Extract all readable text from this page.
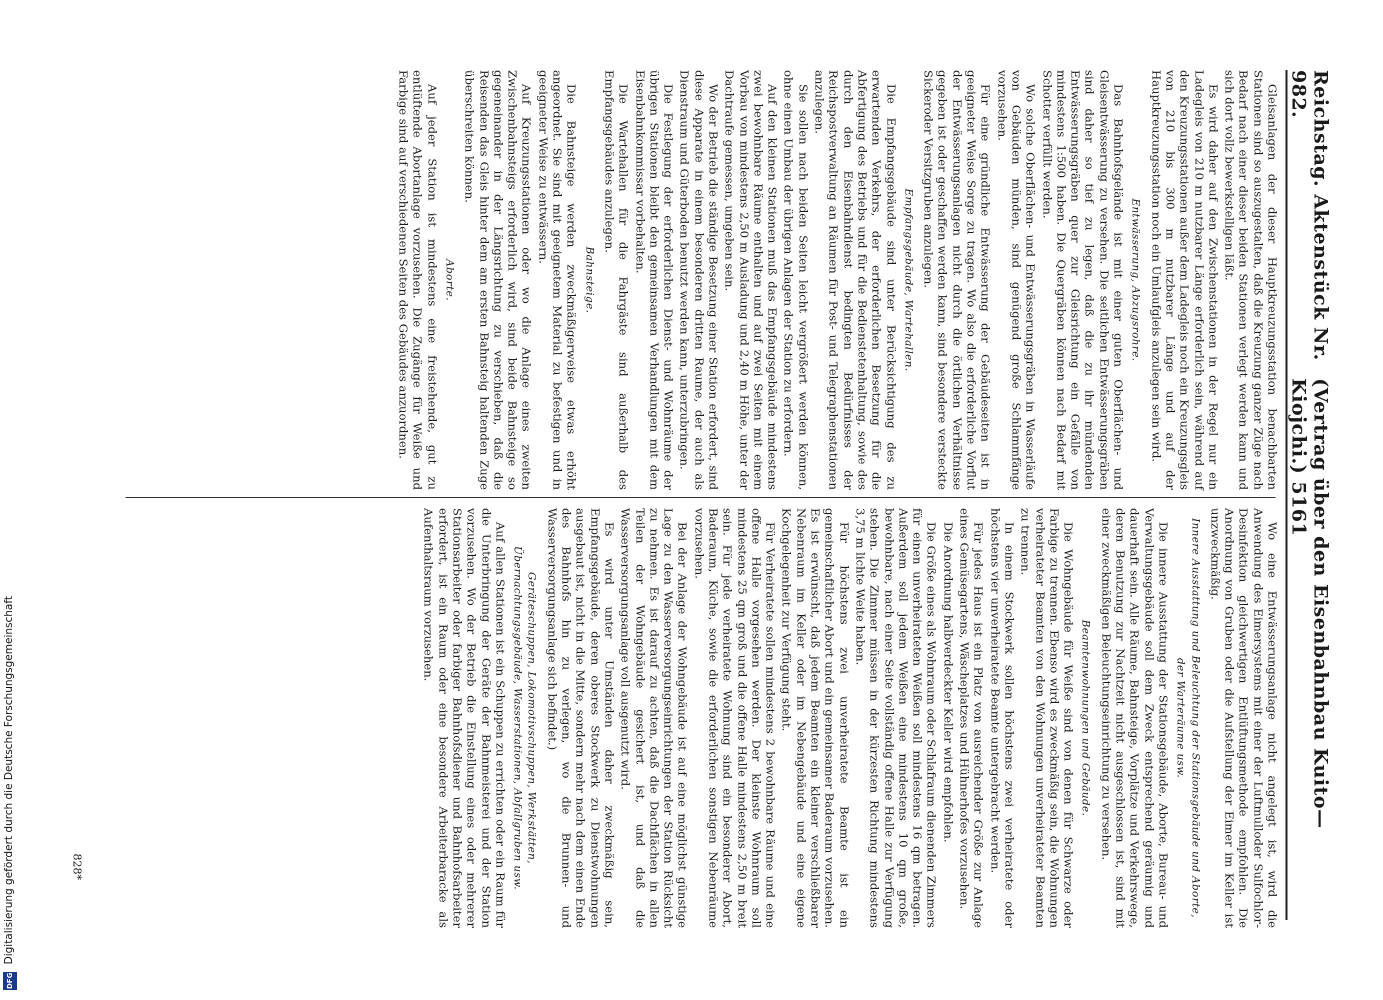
Digitalisierung gefördert durch die Deutsche Forschungsgemeinschaft
DFG
Reichstag. Aktenstück Nr. 982.
(Vertrag über den Eisenbahnbau Kuito—Kiojchi.) 5161

Gleisanlagen der dieser Hauptkreuzungsstation benachbarten Stationen sind so auszugestalten, daß die Kreuzung ganzer Züge nach Bedarf nach einer dieser beiden Stationen verlegt werden kann und sich dort vollz bewerkstelligen läßt.

Es wird daher auf den Zwischenstationen in der Regel nur ein Ladegleis von 210 m nutzbarer Länge erforderlich sein, während auf den Kreuzungsstationen außer dem Ladegleis noch ein Kreuzungsgleis von 210 bis 300 m nutzbarer Länge und auf der Hauptkreuzungsstation noch ein Umlaufgleis anzulegen sein wird.

Entwässerung, Abzugsrohre.

Das Bahnhofsgelände ist mit einer guten Oberflächen- und Gleisentwässerung zu versehen. Die seitlichen Entwässerungsgräben sind daher so tief zu legen, daß die zu ihr mündenden Entwässerungsgräben quer zur Gleisrichtung ein Gefälle von mindestens 1:500 haben. Die Quergräben können nach Bedarf mit Schotter verfüllt werden.

Wo solche Oberflächen- und Entwässerungsgräben in Wasserläufe von Gebäuden münden, sind genügend große Schlammfänge vorzusehen.

Für eine gründliche Entwässerung der Gebäudeseiten ist in geeigneter Weise Sorge zu tragen. Wo also die erforderliche Vorflut der Entwässerungsanlagen nicht durch die örtlichen Verhältnisse gegeben ist oder geschaffen werden kann, sind besondere versteckte Sickeroder Versitzgruben anzulegen.

Empfangsgebäude, Wartehallen.

Die Empfangsgebäude sind unter Berücksichtigung des zu erwartenden Verkehrs, der erforderlichen Besetzung für die Abfertigung des Betriebs und für die Bedienstetenhaltung, sowie des durch den Eisenbahndienst bedingten Bedürfnisses der Reichspostverwaltung an Räumen für Post- und Telegraphenstationen anzulegen.

Sie sollen nach beiden Seiten leicht vergrößert werden können, ohne einen Umbau der übrigen Anlagen der Station zu erfordern.

Auf den kleinen Stationen muß das Empfangsgebäude mindestens zwei bewohnbare Räume enthalten und auf zwei Seiten mit einem Vorbau von mindestens 2,50 m Ausladung und 2,40 m Höhe, unter der Dachtraufe gemessen, umgeben sein.

Wo der Betrieb die ständige Besetzung einer Station erfordert, sind diese Apparate in einem besonderen dritten Raume, der auch als Dienstraum und Güterboden benutzt werden kann, unterzubringen.

Die Festlegung der erforderlichen Dienst- und Wohnräume der übrigen Stationen bleibt den gemeinsamen Verhandlungen mit dem Eisenbahnkommissar vorbehalten.

Die Wartehallen für die Fahrgäste sind außerhalb des Empfangsgebäudes anzulegen.

Bahnsteige.

Die Bahnsteige werden zweckmäßigerweise etwas erhöht angeordnet. Sie sind mit geeignetem Material zu befestigen und in geeigneter Weise zu entwässern.

Auf Kreuzungsstationen oder wo die Anlage eines zweiten Zwischenbahnsteigs erforderlich wird, sind beide Bahnsteige so gegeneinander in der Längsrichtung zu verschieben, daß die Reisenden das Gleis hinter dem am ersten Bahnsteig haltenden Zuge überschreiten können.

Aborte.

Auf jeder Station ist mindestens eine freistehende, gut zu entlüftende Abortanlage vorzusehen. Die Zugänge für Weiße und Farbige sind auf verschiedenen Seiten des Gebäudes anzuordnen.

Wo eine Entwässerungsanlage nicht angelegt ist, wird die Anwendung des Eimersystems mit einer der Luftmulloder Sulfochlor-Desinfektion gleichwertigen Entlüftungsmethode empfohlen. Die Anordnung von Gruben oder die Aufstellung der Eimer im Keller ist unzweckmäßig.

Innere Ausstattung und Beleuchtung der Stationsgebäude und Aborte, der Warteräume usw.

Die innere Ausstattung der Stationsgebäude, Aborte, Bureau- und Verwaltungsgebäude soll dem Zweck entsprechend geräumig und dauerhaft sein. Alle Räume, Bahnsteige, Vorplätze und Verkehrswege, deren Benutzung zur Nachtzeit nicht ausgeschlossen ist, sind mit einer zweckmäßigen Beleuchtungseinrichtung zu versehen.

Beamtenwohnungen und Gebäude.

Die Wohngebäude für Weiße sind von denen für Schwarze oder Farbige zu trennen. Ebenso wird es zweckmäßig sein, die Wohnungen verheirateter Beamten von den Wohnungen unverheirateter Beamten zu trennen.

In einem Stockwerk sollen höchstens zwei verheiratete oder höchstens vier unverheiratete Beamte untergebracht werden.

Für jedes Haus ist ein Platz von ausreichender Größe zur Anlage eines Gemüsegartens, Wäscheplatzes und Hühnerhofes vorzusehen.

Die Anordnung halbverdeckter Keller wird empfohlen.

Die Größe eines als Wohnraum oder Schlafraum dienenden Zimmers für einen unverheirateten Weißen soll mindestens 16 qm betragen. Außerdem soll jedem Weißen eine mindestens 10 qm große, bewohnbare, nach einer Seite vollständig offene Halle zur Verfügung stehen. Die Zimmer müssen in der kürzesten Richtung mindestens 3,75 m lichte Weite haben.

Für höchstens zwei unverheiratete Beamte ist ein gemeinschaftlicher Abort und ein gemeinsamer Baderaum vorzusehen. Es ist erwünscht, daß jedem Beamten ein kleiner verschließbarer Nebenraum im Keller oder im Nebengebäude und eine eigene Kochgelegenheit zur Verfügung steht.

Für Verheiratete sollen mindestens 2 bewohnbare Räume und eine offene Halle vorgesehen werden. Der kleinste Wohnraum soll mindestens 25 qm groß und die offene Halle mindestens 2,50 m breit sein. Für jede verheiratete Wohnung sind ein besonderer Abort, Baderaum, Küche, sowie die erforderlichen sonstigen Nebenräume vorzusehen.

Bei der Anlage der Wohngebäude ist auf eine möglichst günstige Lage zu den Wasserversorgungseinrichtungen der Station Rücksicht zu nehmen. Es ist darauf zu achten, daß die Dachflächen in allen Teilen der Wohngebäude gesichert ist, und daß die Wasserversorgungsanlage voll ausgenutzt wird.

Es wird unter Umständen daher zweckmäßig sein, Empfangsgebäude, deren oberes Stockwerk zu Dienstwohnungen ausgebaut ist, nicht in die Mitte, sondern mehr nach dem einen Ende des Bahnhofs hin zu verlegen, wo die Brunnen- und Wasserversorgungsanlage sich befindet.)

Geräteschuppen, Lokomotivschuppen, Werkstätten, Übernachtungsgebäude, Wasserstationen, Abfallgruben usw.

Auf allen Stationen ist ein Schuppen zu errichten oder ein Raum für die Unterbringung der Geräte der Bahnmeisterei und der Station vorzusehen. Wo der Betrieb die Einstellung eines oder mehrerer Stationsarbeiter oder farbiger Bahnhofsdiener und Bahnhofsarbeiter erfordert, ist ein Raum oder eine besondere Arbeiterbaracke als Aufenthaltsraum vorzusehen.

828*
